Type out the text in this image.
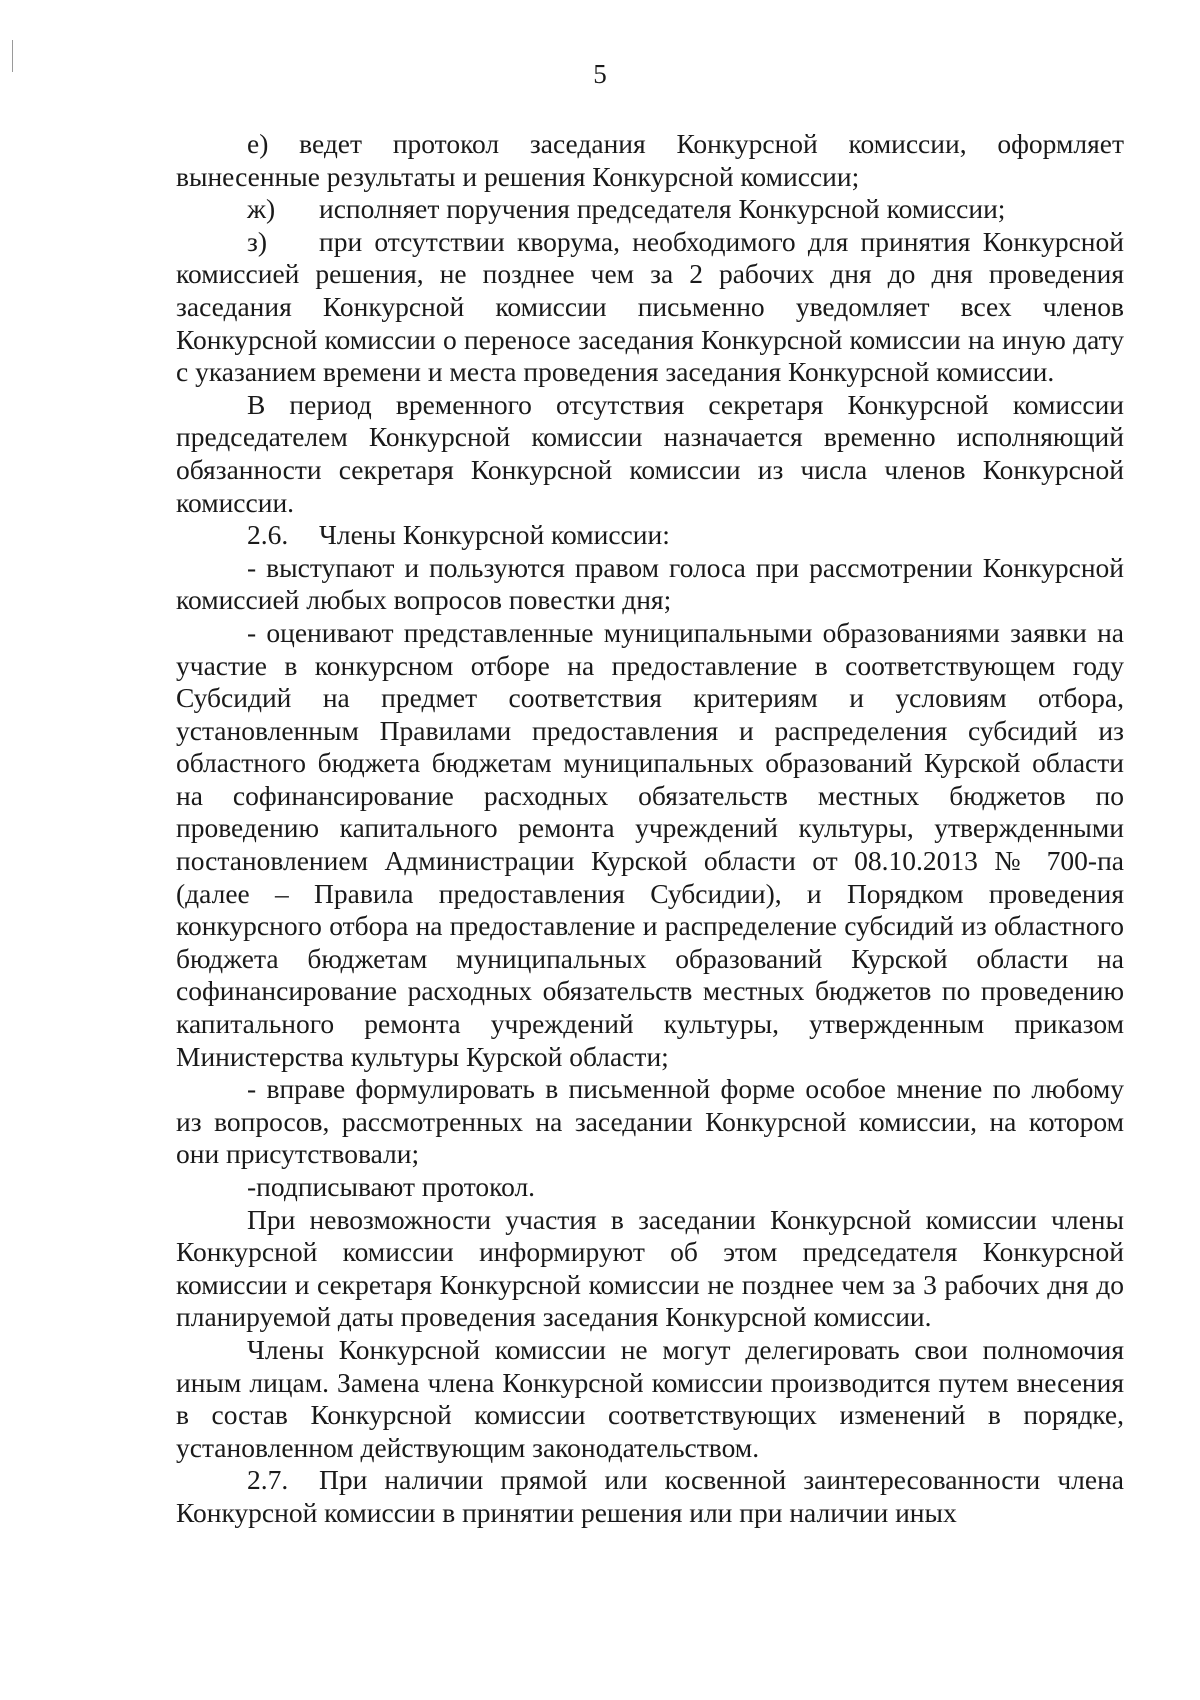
5

е) ведет протокол заседания Конкурсной комиссии, оформляет вынесенные результаты и решения Конкурсной комиссии;

ж) исполняет поручения председателя Конкурсной комиссии;

з) при отсутствии кворума, необходимого для принятия Конкурсной комиссией решения, не позднее чем за 2 рабочих дня до дня проведения заседания Конкурсной комиссии письменно уведомляет всех членов Конкурсной комиссии о переносе заседания Конкурсной комиссии на иную дату с указанием времени и места проведения заседания Конкурсной комиссии.

В период временного отсутствия секретаря Конкурсной комиссии председателем Конкурсной комиссии назначается временно исполняющий обязанности секретаря Конкурсной комиссии из числа членов Конкурсной комиссии.

2.6. Члены Конкурсной комиссии:

- выступают и пользуются правом голоса при рассмотрении Конкурсной комиссией любых вопросов повестки дня;

- оценивают представленные муниципальными образованиями заявки на участие в конкурсном отборе на предоставление в соответствующем году Субсидий на предмет соответствия критериям и условиям отбора, установленным Правилами предоставления и распределения субсидий из областного бюджета бюджетам муниципальных образований Курской области на софинансирование расходных обязательств местных бюджетов по проведению капитального ремонта учреждений культуры, утвержденными постановлением Администрации Курской области от 08.10.2013 № 700-па (далее – Правила предоставления Субсидии), и Порядком проведения конкурсного отбора на предоставление и распределение субсидий из областного бюджета бюджетам муниципальных образований Курской области на софинансирование расходных обязательств местных бюджетов по проведению капитального ремонта учреждений культуры, утвержденным приказом Министерства культуры Курской области;

- вправе формулировать в письменной форме особое мнение по любому из вопросов, рассмотренных на заседании Конкурсной комиссии, на котором они присутствовали;

-подписывают протокол.

При невозможности участия в заседании Конкурсной комиссии члены Конкурсной комиссии информируют об этом председателя Конкурсной комиссии и секретаря Конкурсной комиссии не позднее чем за 3 рабочих дня до планируемой даты проведения заседания Конкурсной комиссии.

Члены Конкурсной комиссии не могут делегировать свои полномочия иным лицам. Замена члена Конкурсной комиссии производится путем внесения в состав Конкурсной комиссии соответствующих изменений в порядке, установленном действующим законодательством.

2.7. При наличии прямой или косвенной заинтересованности члена Конкурсной комиссии в принятии решения или при наличии иных
